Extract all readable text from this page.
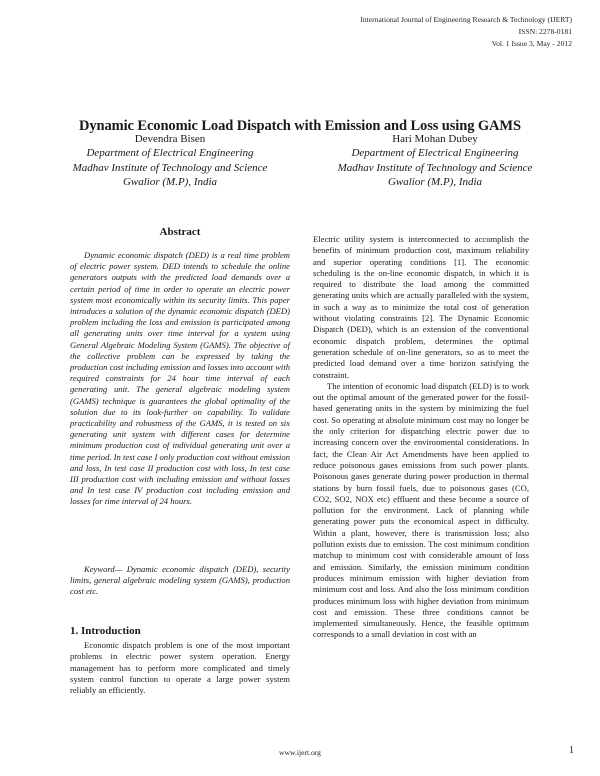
International Journal of Engineering Research & Technology (IJERT)
ISSN: 2278-0181
Vol. 1 Issue 3, May - 2012
Dynamic Economic Load Dispatch with Emission and Loss using GAMS
Devendra Bisen
Department of Electrical Engineering
Madhav Institute of Technology and Science
Gwalior (M.P), India
Hari Mohan Dubey
Department of Electrical Engineering
Madhav Institute of Technology and Science
Gwalior (M.P), India
Abstract

Dynamic economic dispatch (DED) is a real time problem of electric power system. DED intends to schedule the online generators outputs with the predicted load demands over a certain period of time in order to operate an electric power system most economically within its security limits. This paper introduces a solution of the dynamic economic dispatch (DED) problem including the loss and emission is participated among all generating units over time interval for a system using General Algebraic Modeling System (GAMS). The objective of the collective problem can be expressed by taking the production cost including emission and losses into account with required constraints for 24 hour time interval of each generating unit. The general algebraic modeling system (GAMS) technique is guarantees the global optimality of the solution due to its look-further on capability. To validate practicability and robustness of the GAMS, it is tested on six generating unit system with different cases for determine minimum production cost of individual generating unit over a time period. In test case I only production cost without emission and loss, In test case II production cost with loss, In test case III production cost with including emission and without losses and In test case IV production cost including emission and losses for time interval of 24 hours.

Keyword— Dynamic economic dispatch (DED), security limits, general algebraic modeling system (GAMS), production cost etc.

1. Introduction

Economic dispatch problem is one of the most important problems in electric power system operation. Energy management has to perform more complicated and timely system control function to operate a large power system reliably an efficiently.

Electric utility system is interconnected to accomplish the benefits of minimum production cost, maximum reliability and superior operating conditions [1]. The economic scheduling is the on-line economic dispatch, in which it is required to distribute the load among the committed generating units which are actually paralleled with the system, in such a way as to minimize the total cost of generation without violating constraints [2]. The Dynamic Economic Dispatch (DED), which is an extension of the conventional economic dispatch problem, determines the optimal generation schedule of on-line generators, so as to meet the predicted load demand over a time horizon satisfying the constraint.

The intention of economic load dispatch (ELD) is to work out the optimal amount of the generated power for the fossil-based generating units in the system by minimizing the fuel cost. So operating at absolute minimum cost may no longer be the only criterion for dispatching electric power due to increasing concern over the environmental considerations. In fact, the Clean Air Act Amendments have been applied to reduce poisonous gases emissions from such power plants. Poisonous gases generate during power production in thermal stations by burn fossil fuels, due to poisonous gases (CO, CO2, SO2, NOX etc) effluent and these become a source of pollution for the environment. Lack of planning while generating power puts the economical aspect in difficulty. Within a plant, however, there is transmission loss; also pollution exists due to emission. The cost minimum condition matchup to minimum cost with considerable amount of loss and emission. Similarly, the emission minimum condition produces minimum emission with higher deviation from minimum cost and loss. And also the loss minimum condition produces minimum loss with higher deviation from minimum cost and emission. These three conditions cannot be implemented simultaneously. Hence, the feasible optimum corresponds to a small deviation in cost with an

www.ijert.org	1
